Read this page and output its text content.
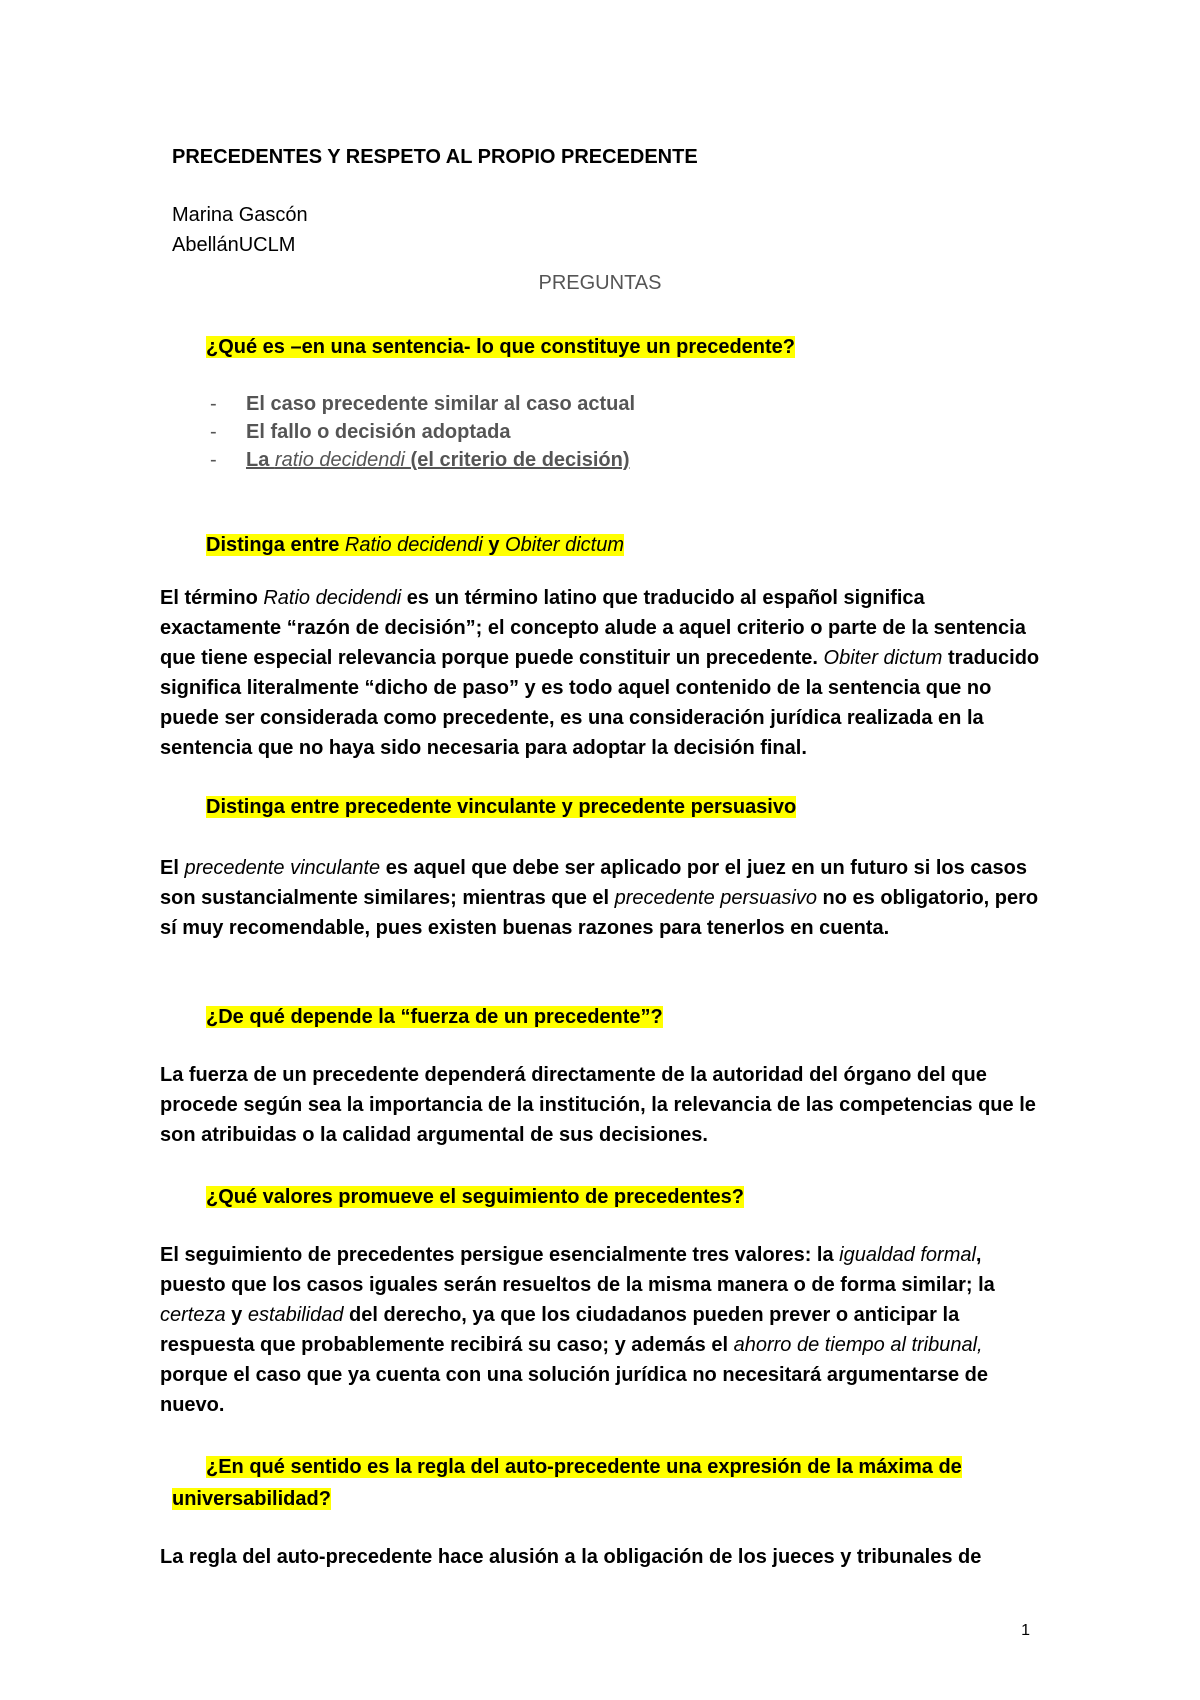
PRECEDENTES Y RESPETO AL PROPIO PRECEDENTE

Marina Gascón

AbellánUCLM

PREGUNTAS

¿Qué es –en una sentencia- lo que constituye un precedente?

- El caso precedente similar al caso actual
- El fallo o decisión adoptada
- La ratio decidendi (el criterio de decisión)

Distinga entre Ratio decidendi y Obiter dictum

El término Ratio decidendi es un término latino que traducido al español significa exactamente “razón de decisión”; el concepto alude a aquel criterio o parte de la sentencia que tiene especial relevancia porque puede constituir un precedente. Obiter dictum traducido significa literalmente “dicho de paso” y es todo aquel contenido de la sentencia que no puede ser considerada como precedente, es una consideración jurídica realizada en la sentencia que no haya sido necesaria para adoptar la decisión final.

Distinga entre precedente vinculante y precedente persuasivo

El precedente vinculante es aquel que debe ser aplicado por el juez en un futuro si los casos son sustancialmente similares; mientras que el precedente persuasivo no es obligatorio, pero sí muy recomendable, pues existen buenas razones para tenerlos en cuenta.

¿De qué depende la “fuerza de un precedente”?

La fuerza de un precedente dependerá directamente de la autoridad del órgano del que procede según sea la importancia de la institución, la relevancia de las competencias que le son atribuidas o la calidad argumental de sus decisiones.

¿Qué valores promueve el seguimiento de precedentes?

El seguimiento de precedentes persigue esencialmente tres valores: la igualdad formal, puesto que los casos iguales serán resueltos de la misma manera o de forma similar; la certeza y estabilidad del derecho, ya que los ciudadanos pueden prever o anticipar la respuesta que probablemente recibirá su caso; y además el ahorro de tiempo al tribunal, porque el caso que ya cuenta con una solución jurídica no necesitará argumentarse de nuevo.

¿En qué sentido es la regla del auto-precedente una expresión de la máxima de

universabilidad?

La regla del auto-precedente hace alusión a la obligación de los jueces y tribunales de

1
